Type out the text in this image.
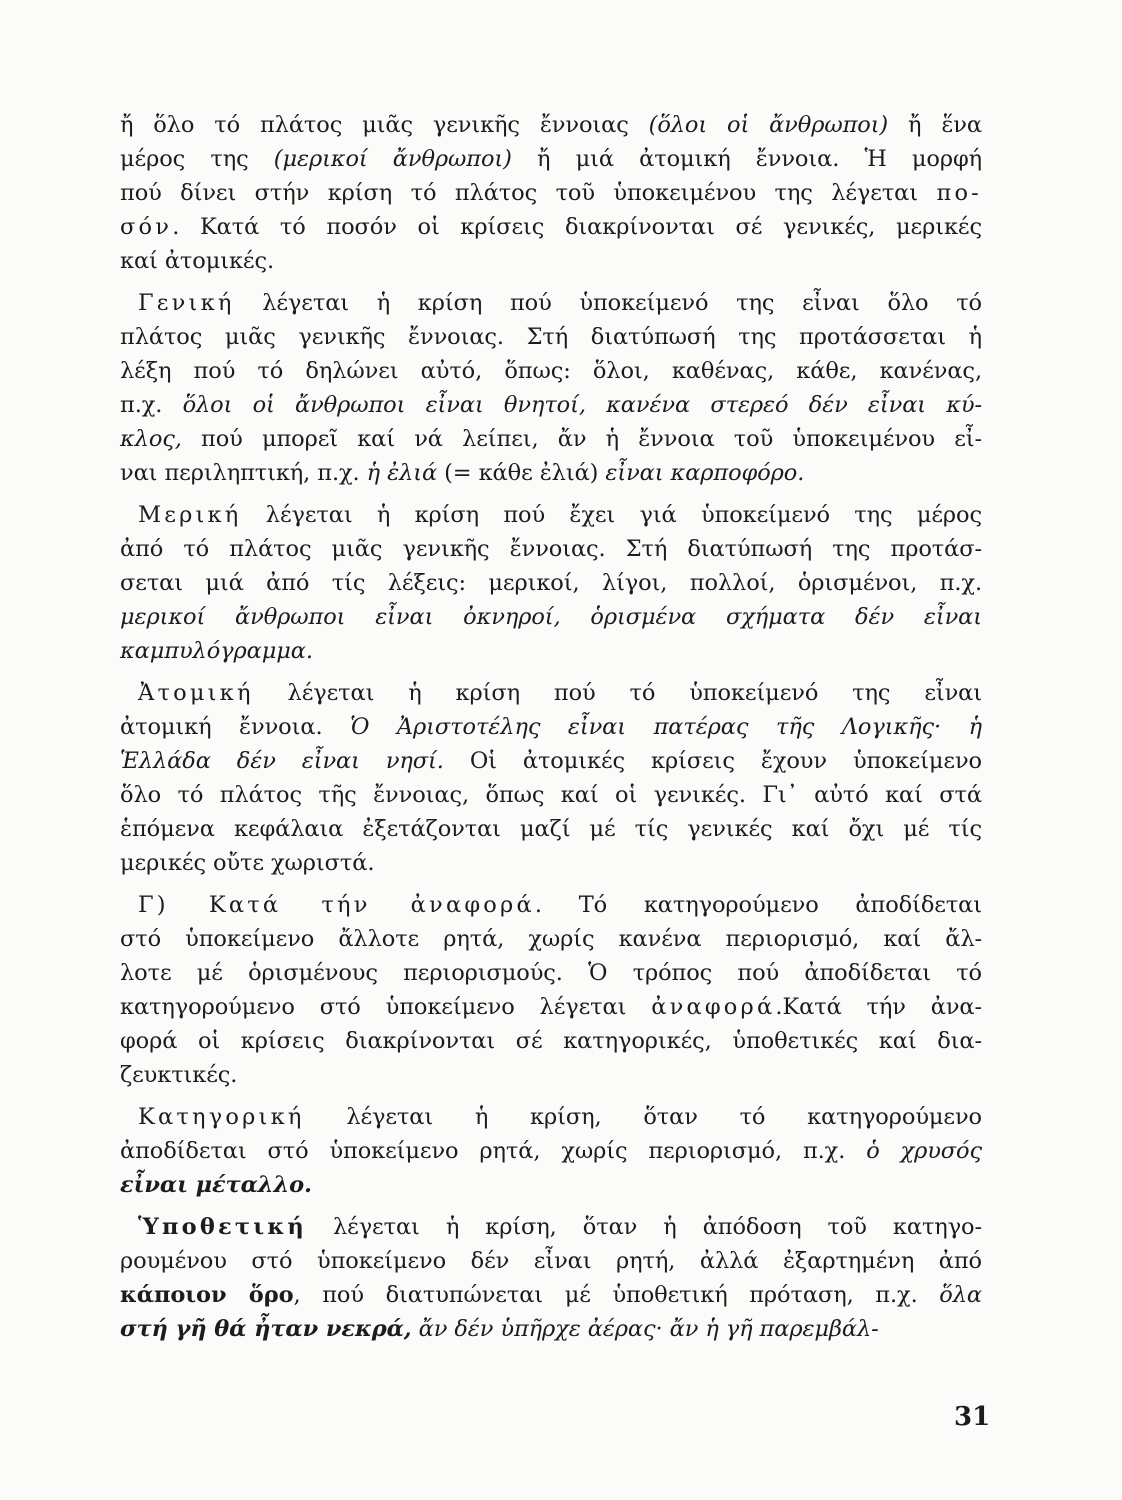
ἤ ὅλο τό πλάτος μιᾶς γενικῆς ἔννοιας (ὅλοι οἱ ἄνθρωποι) ἤ ἕνα
μέρος της (μερικοί ἄνθρωποι) ἤ μιά ἀτομική ἔννοια. Ἡ μορφή
πού δίνει στήν κρίση τό πλάτος τοῦ ὑποκειμένου της λέγεται πο-
σόν. Κατά τό ποσόν οἱ κρίσεις διακρίνονται σέ γενικές, μερικές
καί ἀτομικές.
Γενική λέγεται ἡ κρίση πού ὑποκείμενό της εἶναι ὅλο τό
πλάτος μιᾶς γενικῆς ἔννοιας. Στή διατύπωσή της προτάσσεται ἡ
λέξη πού τό δηλώνει αὐτό, ὅπως: ὅλοι, καθένας, κάθε, κανένας,
π.χ. ὅλοι οἱ ἄνθρωποι εἶναι θνητοί, κανένα στερεό δέν εἶναι κύ-
κλος, πού μπορεῖ καί νά λείπει, ἄν ἡ ἔννοια τοῦ ὑποκειμένου εἶ-
ναι περιληπτική, π.χ. ἡ ἐλιά (= κάθε ἐλιά) εἶναι καρποφόρο.
Μερική λέγεται ἡ κρίση πού ἔχει γιά ὑποκείμενό της μέρος
ἀπό τό πλάτος μιᾶς γενικῆς ἔννοιας. Στή διατύπωσή της προτάσ-
σεται μιά ἀπό τίς λέξεις: μερικοί, λίγοι, πολλοί, ὁρισμένοι, π.χ.
μερικοί ἄνθρωποι εἶναι ὀκνηροί, ὁρισμένα σχήματα δέν εἶναι
καμπυλόγραμμα.
Ἀτομική λέγεται ἡ κρίση πού τό ὑποκείμενό της εἶναι
ἀτομική ἔννοια. Ὁ Ἀριστοτέλης εἶναι πατέρας τῆς Λογικῆς· ἡ
Ἑλλάδα δέν εἶναι νησί. Οἱ ἀτομικές κρίσεις ἔχουν ὑποκείμενο
ὅλο τό πλάτος τῆς ἔννοιας, ὅπως καί οἱ γενικές. Γι᾽ αὐτό καί στά
ἑπόμενα κεφάλαια ἐξετάζονται μαζί μέ τίς γενικές καί ὄχι μέ τίς
μερικές οὔτε χωριστά.
Γ) Κατά τήν ἀναφορά. Τό κατηγορούμενο ἀποδίδεται
στό ὑποκείμενο ἄλλοτε ρητά, χωρίς κανένα περιορισμό, καί ἄλ-
λοτε μέ ὁρισμένους περιορισμούς. Ὁ τρόπος πού ἀποδίδεται τό
κατηγορούμενο στό ὑποκείμενο λέγεται ἀναφορά.Κατά τήν ἀνα-
φορά οἱ κρίσεις διακρίνονται σέ κατηγορικές, ὑποθετικές καί δια-
ζευκτικές.
Κατηγορική λέγεται ἡ κρίση, ὅταν τό κατηγορούμενο
ἀποδίδεται στό ὑποκείμενο ρητά, χωρίς περιορισμό, π.χ. ὁ χρυσός
εἶναι μέταλλο.
Ὑποθετική λέγεται ἡ κρίση, ὅταν ἡ ἀπόδοση τοῦ κατηγο-
ρουμένου στό ὑποκείμενο δέν εἶναι ρητή, ἀλλά ἐξαρτημένη ἀπό
κάποιον ὅρο, πού διατυπώνεται μέ ὑποθετική πρόταση, π.χ. ὅλα
στή γῆ θά ἦταν νεκρά, ἄν δέν ὑπῆρχε ἀέρας· ἄν ἡ γῆ παρεμβάλ-
31
